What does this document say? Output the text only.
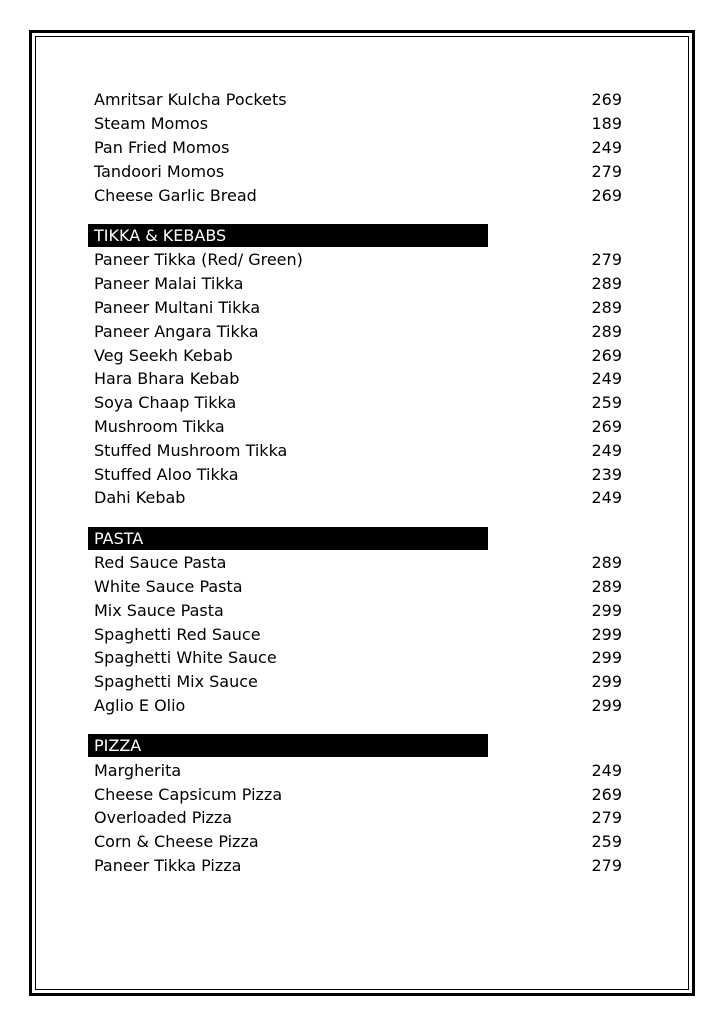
Amritsar Kulcha Pockets	269
Steam Momos	189
Pan Fried Momos	249
Tandoori Momos	279
Cheese Garlic Bread	269
TIKKA & KEBABS
Paneer Tikka (Red/ Green)	279
Paneer Malai Tikka	289
Paneer Multani Tikka	289
Paneer Angara Tikka	289
Veg Seekh Kebab	269
Hara Bhara Kebab	249
Soya Chaap Tikka	259
Mushroom Tikka	269
Stuffed Mushroom Tikka	249
Stuffed Aloo Tikka	239
Dahi Kebab	249
PASTA
Red Sauce Pasta	289
White Sauce Pasta	289
Mix Sauce Pasta	299
Spaghetti Red Sauce	299
Spaghetti White Sauce	299
Spaghetti Mix Sauce	299
Aglio E Olio	299
PIZZA
Margherita	249
Cheese Capsicum Pizza	269
Overloaded Pizza	279
Corn & Cheese Pizza	259
Paneer Tikka Pizza	279
